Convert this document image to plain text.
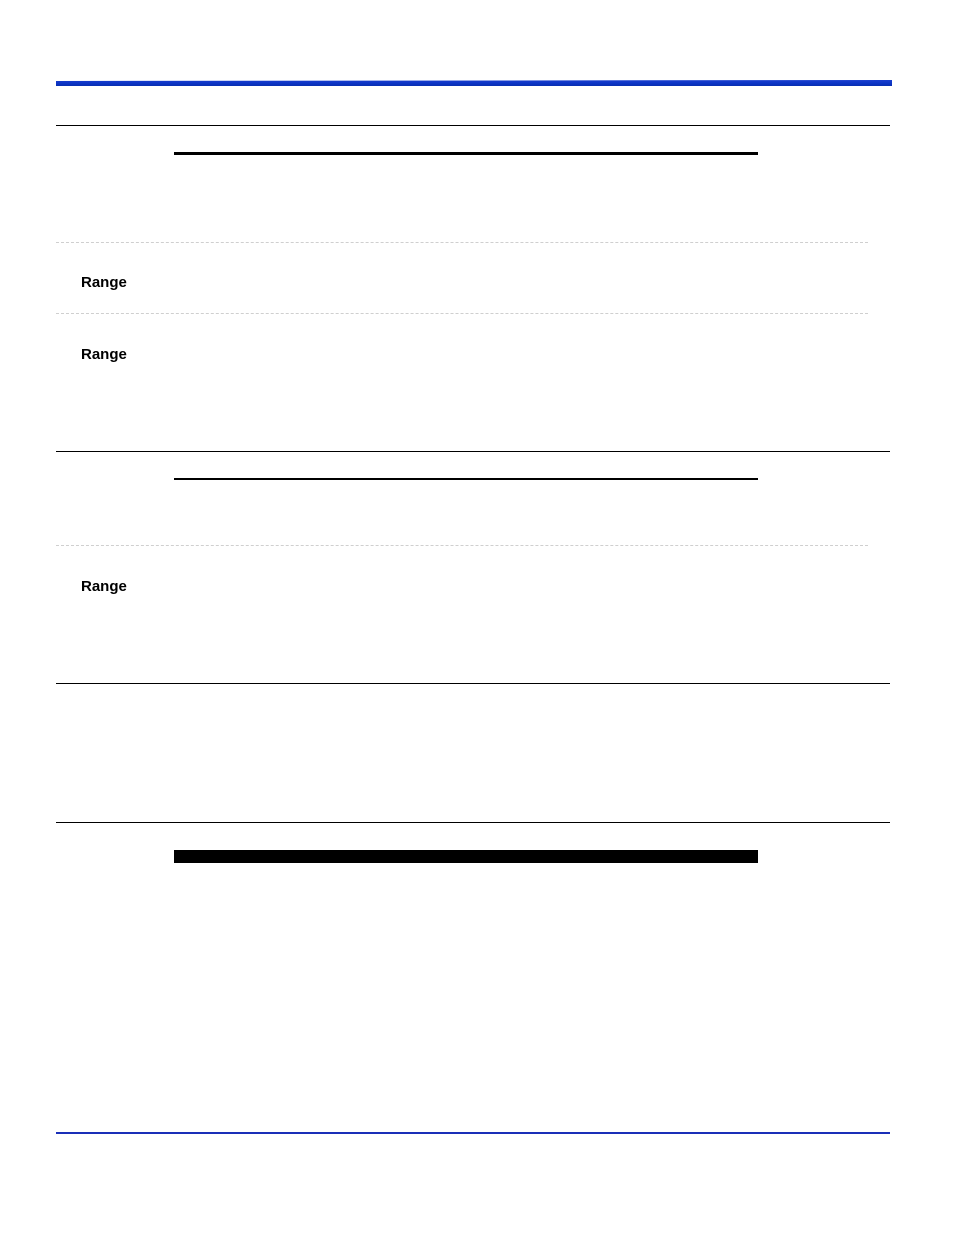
Range
Range

Range
